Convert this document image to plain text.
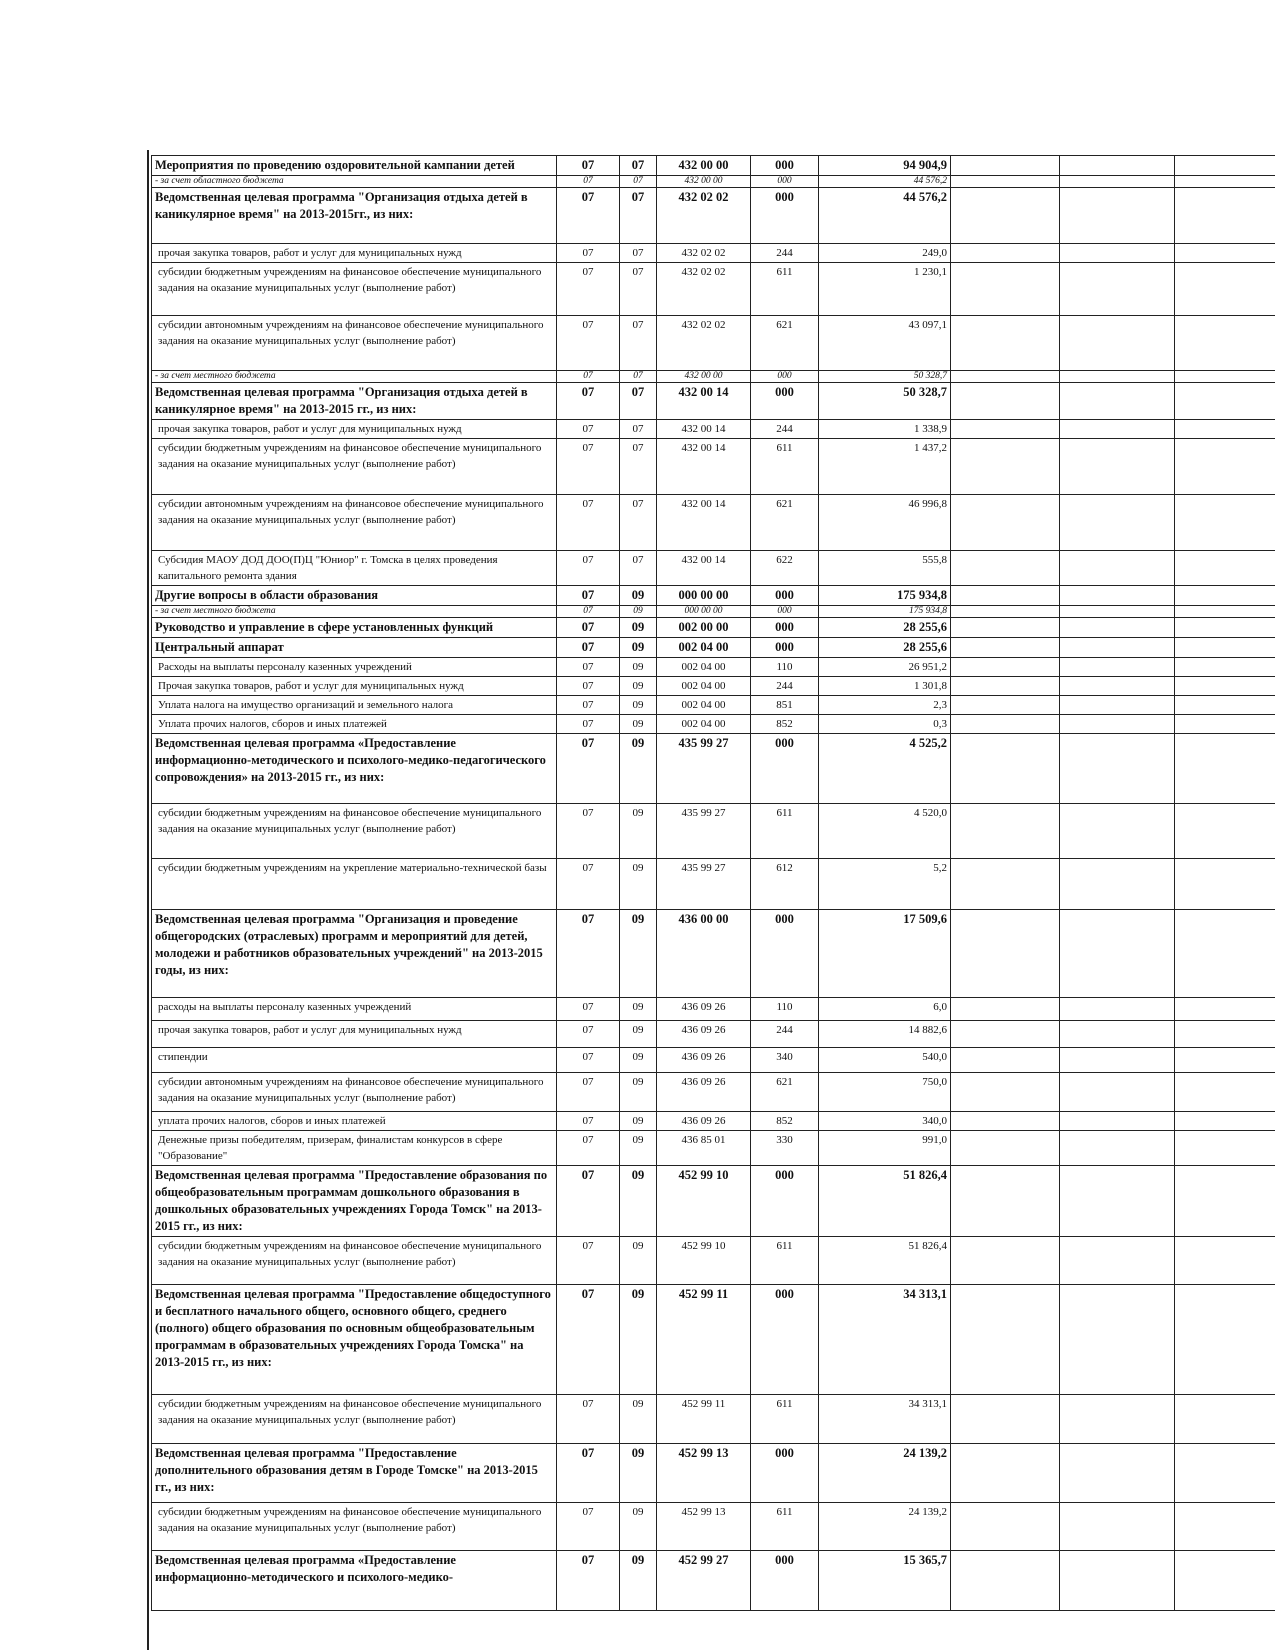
Мероприятия по проведению оздоровительной кампании детей	07	07	432 00 00	000	94 904,9			
- за счет областного бюджета	07	07	432 00 00	000	44 576,2			
Ведомственная целевая программа "Организация отдыха детей в каникулярное время" на 2013-2015гг., из них:	07	07	432 02 02	000	44 576,2			
прочая закупка товаров, работ и услуг для муниципальных нужд	07	07	432 02 02	244	249,0			
субсидии бюджетным учреждениям на финансовое обеспечение муниципального задания на оказание муниципальных услуг (выполнение работ)	07	07	432 02 02	611	1 230,1			
субсидии автономным учреждениям на финансовое обеспечение муниципального задания на оказание муниципальных услуг (выполнение работ)	07	07	432 02 02	621	43 097,1			
- за счет местного бюджета	07	07	432 00 00	000	50 328,7			
Ведомственная целевая программа "Организация отдыха детей в каникулярное время" на 2013-2015 гг., из них:	07	07	432 00 14	000	50 328,7			
прочая закупка товаров, работ и услуг для муниципальных нужд	07	07	432 00 14	244	1 338,9			
субсидии бюджетным учреждениям на финансовое обеспечение муниципального задания на оказание муниципальных услуг (выполнение работ)	07	07	432 00 14	611	1 437,2			
субсидии автономным учреждениям на финансовое обеспечение муниципального задания на оказание муниципальных услуг (выполнение работ)	07	07	432 00 14	621	46 996,8			
Субсидия МАОУ ДОД ДОО(П)Ц "Юниор" г. Томска в целях проведения капитального ремонта здания	07	07	432 00 14	622	555,8			
Другие вопросы в области образования	07	09	000 00 00	000	175 934,8			
- за счет местного бюджета	07	09	000 00 00	000	175 934,8			
Руководство и управление в сфере установленных функций	07	09	002 00 00	000	28 255,6			
Центральный аппарат	07	09	002 04 00	000	28 255,6			
Расходы на выплаты персоналу казенных учреждений	07	09	002 04 00	110	26 951,2			
Прочая закупка товаров, работ и услуг для муниципальных нужд	07	09	002 04 00	244	1 301,8			
Уплата налога на имущество организаций и земельного налога	07	09	002 04 00	851	2,3			
Уплата прочих налогов, сборов и иных платежей	07	09	002 04 00	852	0,3			
Ведомственная целевая программа «Предоставление информационно-методического и психолого-медико-педагогического сопровождения» на 2013-2015 гг., из них:	07	09	435 99 27	000	4 525,2			
субсидии бюджетным учреждениям на финансовое обеспечение муниципального задания на оказание муниципальных услуг (выполнение работ)	07	09	435 99 27	611	4 520,0			
субсидии бюджетным учреждениям на укрепление материально-технической базы	07	09	435 99 27	612	5,2			
Ведомственная целевая программа "Организация и проведение общегородских (отраслевых) программ и мероприятий для детей, молодежи и работников образовательных учреждений" на 2013-2015 годы, из них:	07	09	436 00 00	000	17 509,6			
расходы на выплаты персоналу казенных учреждений	07	09	436 09 26	110	6,0			
прочая закупка товаров, работ и услуг для муниципальных нужд	07	09	436 09 26	244	14 882,6			
стипендии	07	09	436 09 26	340	540,0			
субсидии автономным учреждениям на финансовое обеспечение муниципального задания на оказание муниципальных услуг (выполнение работ)	07	09	436 09 26	621	750,0			
уплата прочих налогов, сборов и иных платежей	07	09	436 09 26	852	340,0			
Денежные призы победителям, призерам, финалистам конкурсов в сфере "Образование"	07	09	436 85 01	330	991,0			
Ведомственная целевая программа "Предоставление образования по общеобразовательным программам дошкольного образования в дошкольных образовательных учреждениях Города Томск" на 2013-2015 гг., из них:	07	09	452 99 10	000	51 826,4			
субсидии бюджетным учреждениям на финансовое обеспечение муниципального задания на оказание муниципальных услуг (выполнение работ)	07	09	452 99 10	611	51 826,4			
Ведомственная целевая программа "Предоставление общедоступного и бесплатного начального общего, основного общего, среднего (полного) общего образования по основным общеобразовательным программам в образовательных учреждениях Города Томска" на 2013-2015 гг., из них:	07	09	452 99 11	000	34 313,1			
субсидии бюджетным учреждениям на финансовое обеспечение муниципального задания на оказание муниципальных услуг (выполнение работ)	07	09	452 99 11	611	34 313,1			
Ведомственная целевая программа "Предоставление дополнительного образования детям в Городе Томске" на 2013-2015 гг., из них:	07	09	452 99 13	000	24 139,2			
субсидии бюджетным учреждениям на финансовое обеспечение муниципального задания на оказание муниципальных услуг (выполнение работ)	07	09	452 99 13	611	24 139,2			
Ведомственная целевая программа «Предоставление информационно-методического и психолого-медико-	07	09	452 99 27	000	15 365,7			
